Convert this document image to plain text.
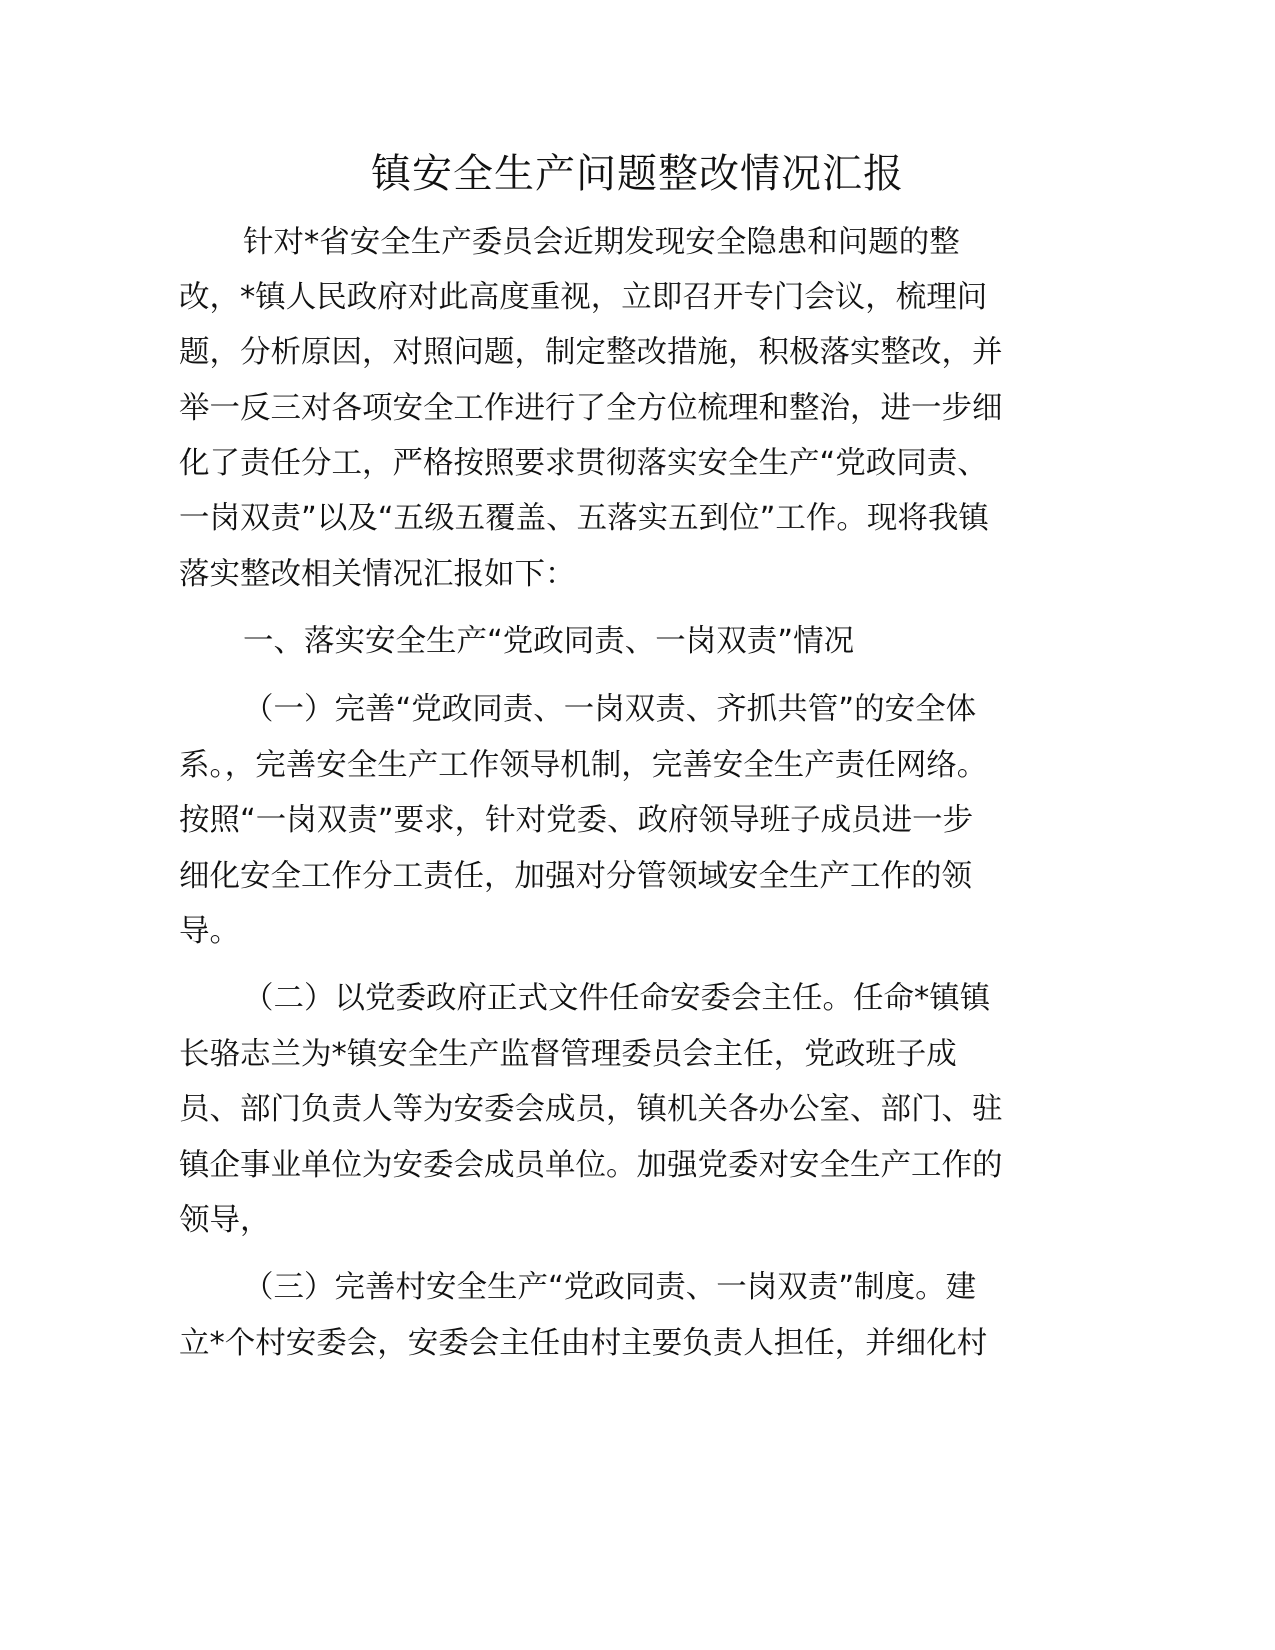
镇安全生产问题整改情况汇报
针对*省安全生产委员会近期发现安全隐患和问题的整
改，*镇人民政府对此高度重视，立即召开专门会议，梳理问
题，分析原因，对照问题，制定整改措施，积极落实整改，并
举一反三对各项安全工作进行了全方位梳理和整治，进一步细
化了责任分工，严格按照要求贯彻落实安全生产“党政同责、
一岗双责”以及“五级五覆盖、五落实五到位”工作。现将我镇
落实整改相关情况汇报如下：
一、落实安全生产“党政同责、一岗双责”情况
（一）完善“党政同责、一岗双责、齐抓共管”的安全体
系。，完善安全生产工作领导机制，完善安全生产责任网络。
按照“一岗双责”要求，针对党委、政府领导班子成员进一步
细化安全工作分工责任，加强对分管领域安全生产工作的领
导。
（二）以党委政府正式文件任命安委会主任。任命*镇镇
长骆志兰为*镇安全生产监督管理委员会主任，党政班子成
员、部门负责人等为安委会成员，镇机关各办公室、部门、驻
镇企事业单位为安委会成员单位。加强党委对安全生产工作的
领导，
（三）完善村安全生产“党政同责、一岗双责”制度。建
立*个村安委会，安委会主任由村主要负责人担任，并细化村
